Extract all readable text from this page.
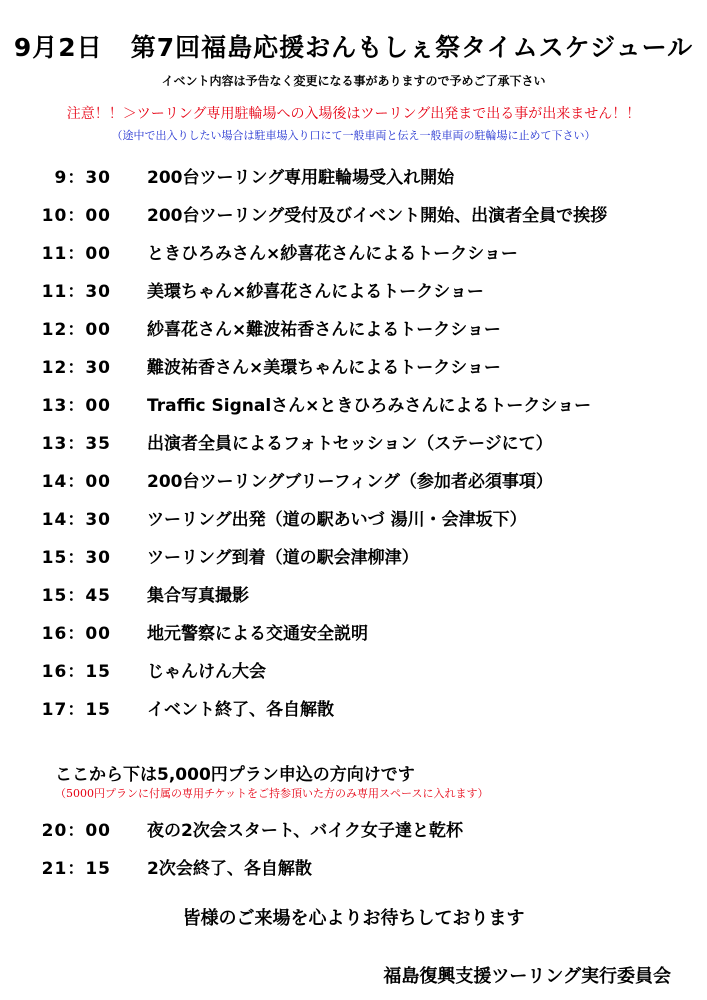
9月2日 第7回福島応援おんもしぇ祭タイムスケジュール
イベント内容は予告なく変更になる事がありますので予めご了承下さい
注意！！＞ツーリング専用駐輪場への入場後はツーリング出発まで出る事が出来ません！！
（途中で出入りしたい場合は駐車場入り口にて一般車両と伝え一般車両の駐輪場に止めて下さい）
9：30 200台ツーリング専用駐輪場受入れ開始
10：00 200台ツーリング受付及びイベント開始、出演者全員で挨拶
11：00 ときひろみさん×紗喜花さんによるトークショー
11：30 美環ちゃん×紗喜花さんによるトークショー
12：00 紗喜花さん×難波祐香さんによるトークショー
12：30 難波祐香さん×美環ちゃんによるトークショー
13：00 Traffic Signalさん×ときひろみさんによるトークショー
13：35 出演者全員によるフォトセッション（ステージにて）
14：00 200台ツーリングブリーフィング（参加者必須事項）
14：30 ツーリング出発（道の駅あいづ 湯川・会津坂下）
15：30 ツーリング到着（道の駅会津柳津）
15：45 集合写真撮影
16：00 地元警察による交通安全説明
16：15 じゃんけん大会
17：15 イベント終了、各自解散
ここから下は5,000円プラン申込の方向けです
（5000円プランに付属の専用チケットをご持参頂いた方のみ専用スペースに入れます）
20：00 夜の2次会スタート、バイク女子達と乾杯
21：15 2次会終了、各自解散
皆様のご来場を心よりお待ちしております
福島復興支援ツーリング実行委員会
